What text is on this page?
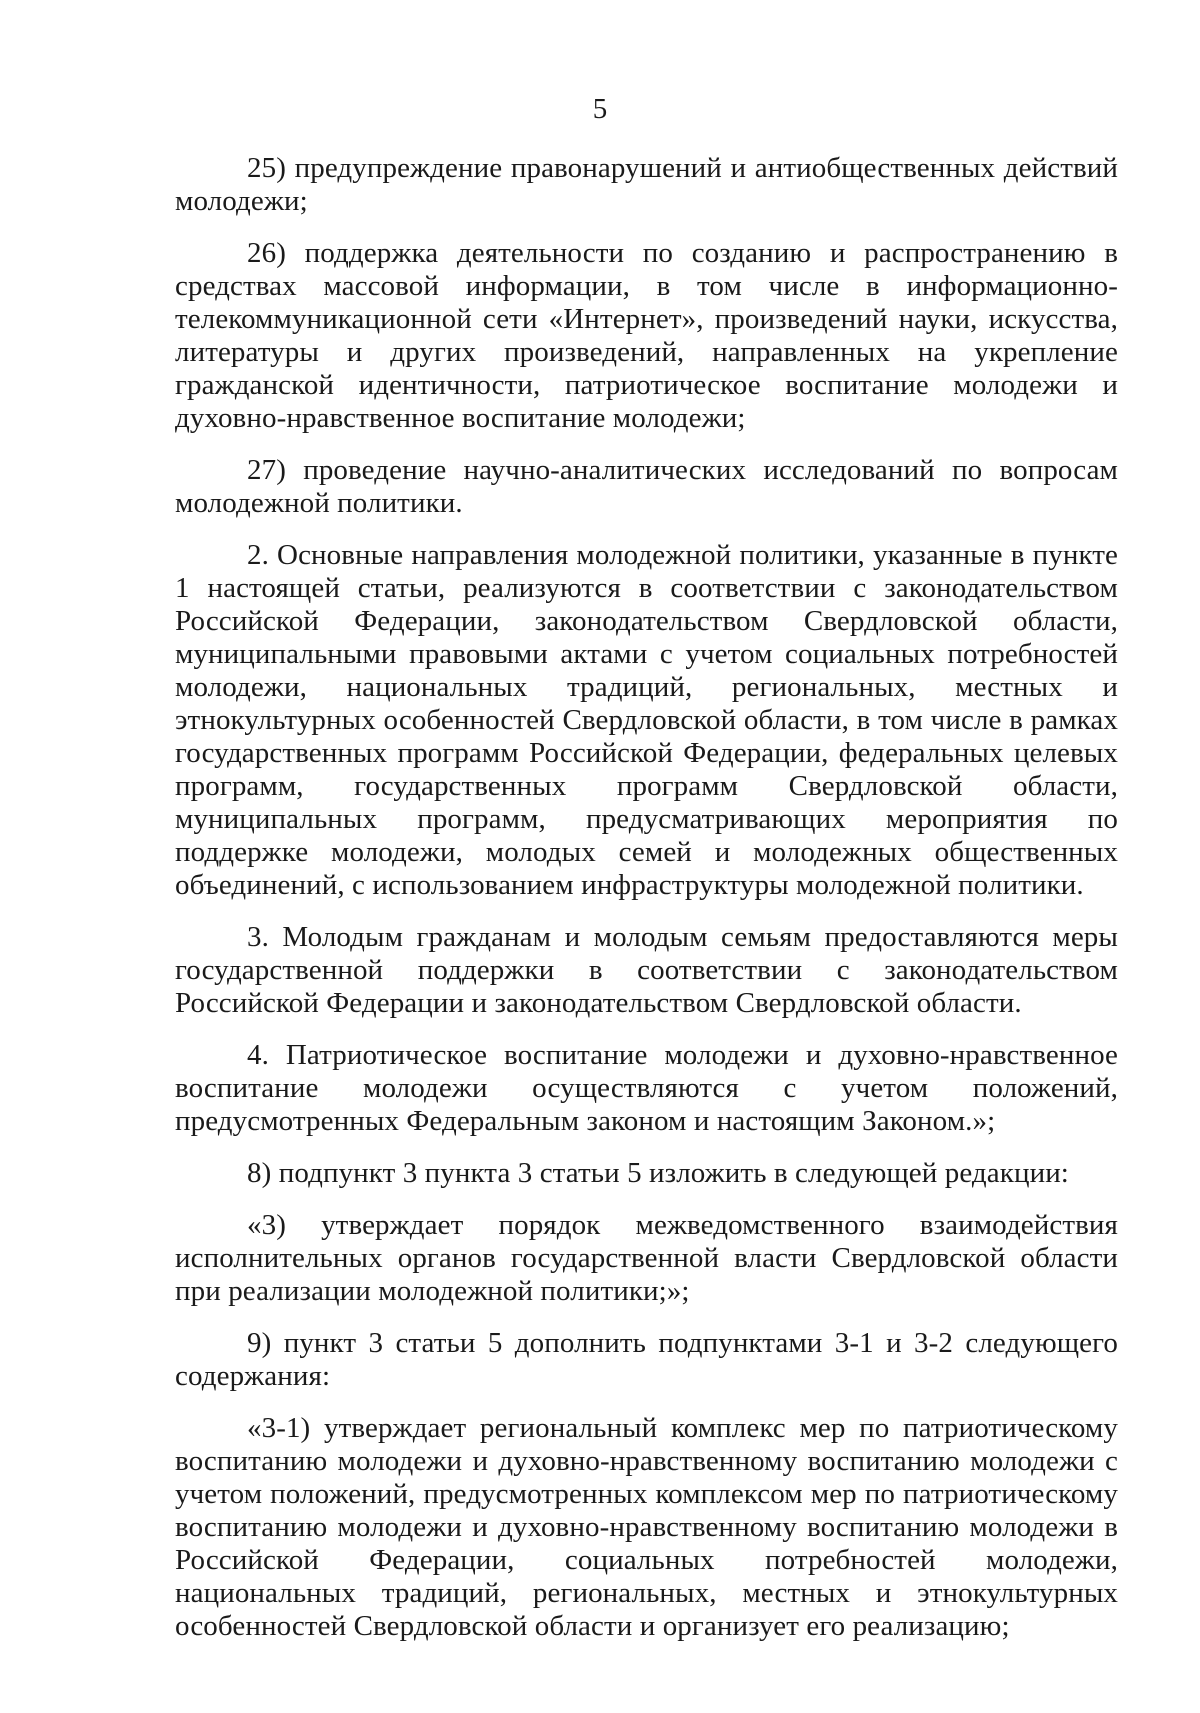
5

25) предупреждение правонарушений и антиобщественных действий молодежи;

26) поддержка деятельности по созданию и распространению в средствах массовой информации, в том числе в информационно-телекоммуникационной сети «Интернет», произведений науки, искусства, литературы и других произведений, направленных на укрепление гражданской идентичности, патриотическое воспитание молодежи и духовно-нравственное воспитание молодежи;

27) проведение научно-аналитических исследований по вопросам молодежной политики.

2. Основные направления молодежной политики, указанные в пункте 1 настоящей статьи, реализуются в соответствии с законодательством Российской Федерации, законодательством Свердловской области, муниципальными правовыми актами с учетом социальных потребностей молодежи, национальных традиций, региональных, местных и этнокультурных особенностей Свердловской области, в том числе в рамках государственных программ Российской Федерации, федеральных целевых программ, государственных программ Свердловской области, муниципальных программ, предусматривающих мероприятия по поддержке молодежи, молодых семей и молодежных общественных объединений, с использованием инфраструктуры молодежной политики.

3. Молодым гражданам и молодым семьям предоставляются меры государственной поддержки в соответствии с законодательством Российской Федерации и законодательством Свердловской области.

4. Патриотическое воспитание молодежи и духовно-нравственное воспитание молодежи осуществляются с учетом положений, предусмотренных Федеральным законом и настоящим Законом.»;

8) подпункт 3 пункта 3 статьи 5 изложить в следующей редакции:

«3) утверждает порядок межведомственного взаимодействия исполнительных органов государственной власти Свердловской области при реализации молодежной политики;»;

9) пункт 3 статьи 5 дополнить подпунктами 3-1 и 3-2 следующего содержания:

«3-1) утверждает региональный комплекс мер по патриотическому воспитанию молодежи и духовно-нравственному воспитанию молодежи с учетом положений, предусмотренных комплексом мер по патриотическому воспитанию молодежи и духовно-нравственному воспитанию молодежи в Российской Федерации, социальных потребностей молодежи, национальных традиций, региональных, местных и этнокультурных особенностей Свердловской области и организует его реализацию;
